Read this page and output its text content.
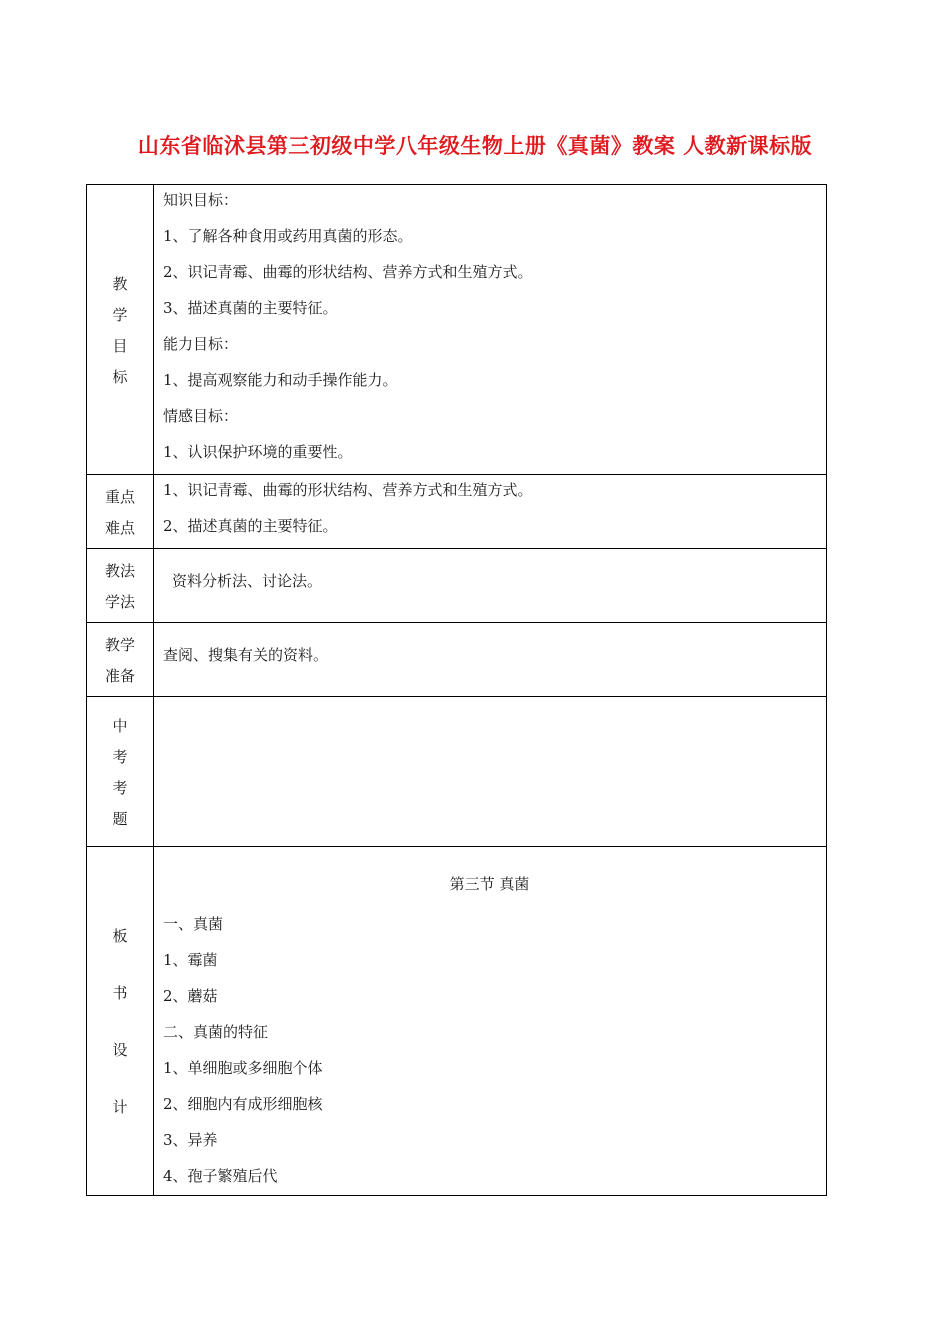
山东省临沭县第三初级中学八年级生物上册《真菌》教案 人教新课标版
教
学
目
标
知识目标：
1、了解各种食用或药用真菌的形态。
2、识记青霉、曲霉的形状结构、营养方式和生殖方式。
3、描述真菌的主要特征。
能力目标：
1、提高观察能力和动手操作能力。
情感目标：
1、认识保护环境的重要性。
重点
难点
1、识记青霉、曲霉的形状结构、营养方式和生殖方式。
2、描述真菌的主要特征。
教法
学法
资料分析法、讨论法。
教学
准备
查阅、搜集有关的资料。
中
考
考
题
板
书
设
计
第三节 真菌
一、真菌
1、霉菌
2、蘑菇
二、真菌的特征
1、单细胞或多细胞个体
2、细胞内有成形细胞核
3、异养
4、孢子繁殖后代
